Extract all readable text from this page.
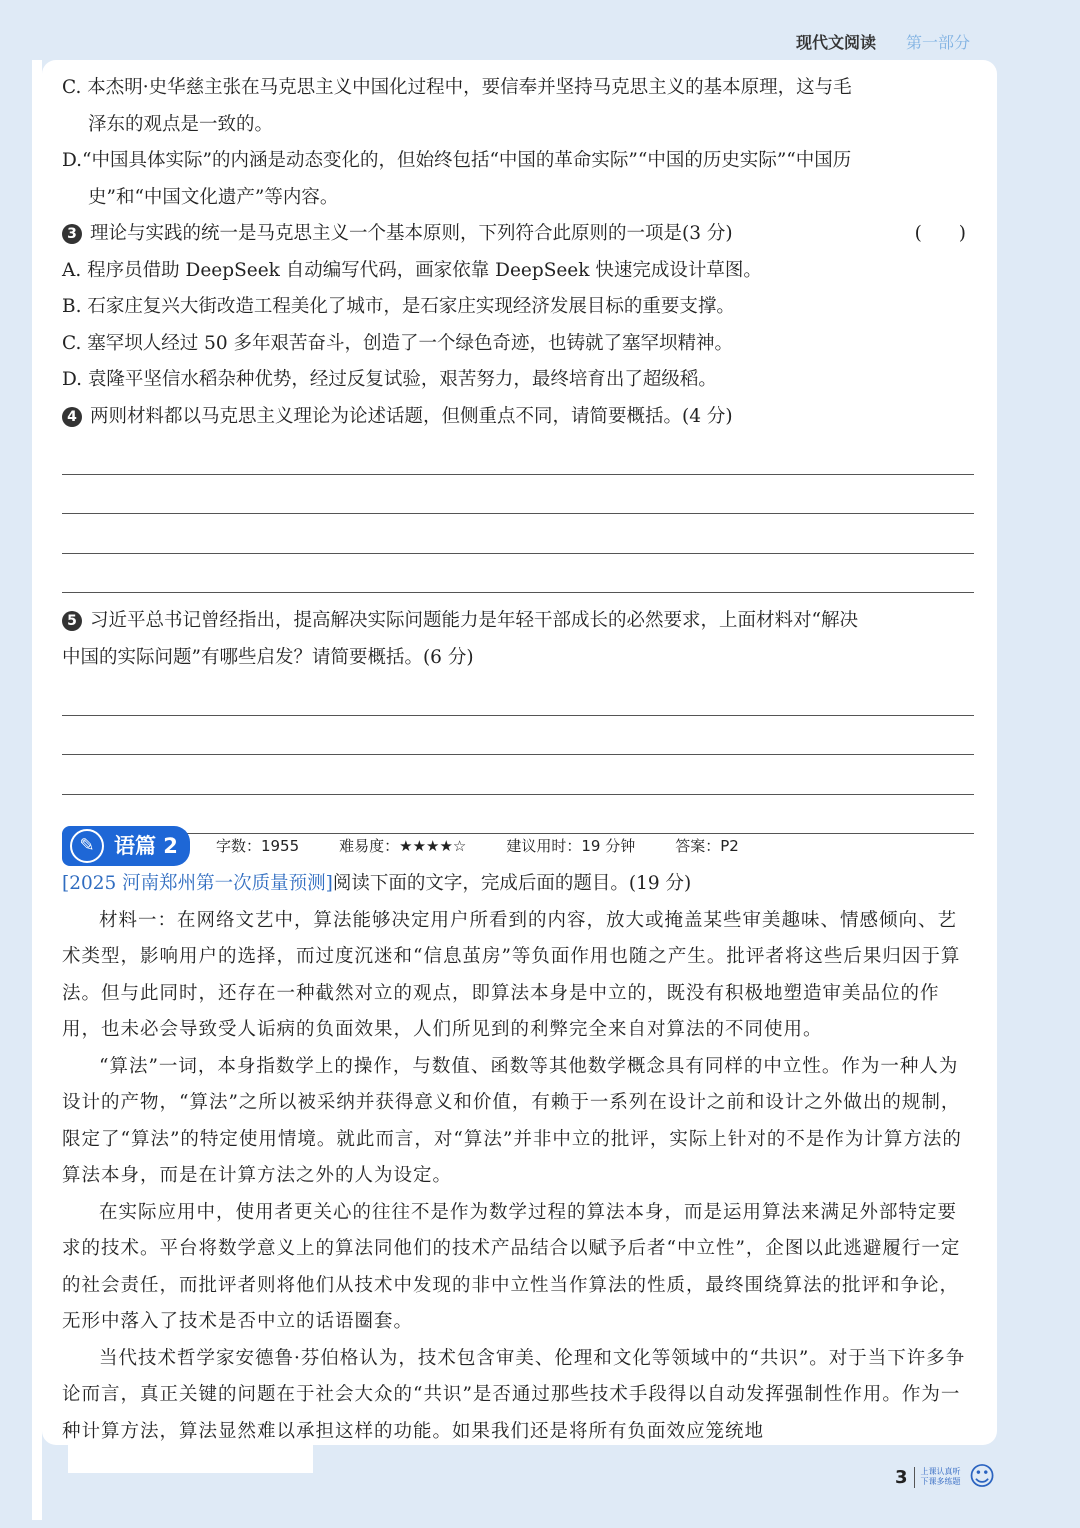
现代文阅读 第一部分

C. 本杰明·史华慈主张在马克思主义中国化过程中，要信奉并坚持马克思主义的基本原理，这与毛

泽东的观点是一致的。

D.“中国具体实际”的内涵是动态变化的，但始终包括“中国的革命实际”“中国的历史实际”“中国历

史”和“中国文化遗产”等内容。

3 理论与实践的统一是马克思主义一个基本原则，下列符合此原则的一项是(3 分)	(　　)

A. 程序员借助 DeepSeek 自动编写代码，画家依靠 DeepSeek 快速完成设计草图。

B. 石家庄复兴大街改造工程美化了城市，是石家庄实现经济发展目标的重要支撑。

C. 塞罕坝人经过 50 多年艰苦奋斗，创造了一个绿色奇迹，也铸就了塞罕坝精神。

D. 袁隆平坚信水稻杂种优势，经过反复试验，艰苦努力，最终培育出了超级稻。

4 两则材料都以马克思主义理论为论述话题，但侧重点不同，请简要概括。(4 分)

5 习近平总书记曾经指出，提高解决实际问题能力是年轻干部成长的必然要求，上面材料对“解决

中国的实际问题”有哪些启发？请简要概括。(6 分)

✎ 语篇 2	字数：1955	难易度：★★★★☆	建议用时：19 分钟	答案：P2

[2025 河南郑州第一次质量预测]阅读下面的文字，完成后面的题目。(19 分)

材料一：在网络文艺中，算法能够决定用户所看到的内容，放大或掩盖某些审美趣味、情感倾向、艺术类型，影响用户的选择，而过度沉迷和“信息茧房”等负面作用也随之产生。批评者将这些后果归因于算法。但与此同时，还存在一种截然对立的观点，即算法本身是中立的，既没有积极地塑造审美品位的作用，也未必会导致受人诟病的负面效果，人们所见到的利弊完全来自对算法的不同使用。

“算法”一词，本身指数学上的操作，与数值、函数等其他数学概念具有同样的中立性。作为一种人为设计的产物，“算法”之所以被采纳并获得意义和价值，有赖于一系列在设计之前和设计之外做出的规制，限定了“算法”的特定使用情境。就此而言，对“算法”并非中立的批评，实际上针对的不是作为计算方法的算法本身，而是在计算方法之外的人为设定。

在实际应用中，使用者更关心的往往不是作为数学过程的算法本身，而是运用算法来满足外部特定要求的技术。平台将数学意义上的算法同他们的技术产品结合以赋予后者“中立性”，企图以此逃避履行一定的社会责任，而批评者则将他们从技术中发现的非中立性当作算法的性质，最终围绕算法的批评和争论，无形中落入了技术是否中立的话语圈套。

当代技术哲学家安德鲁·芬伯格认为，技术包含审美、伦理和文化等领域中的“共识”。对于当下许多争论而言，真正关键的问题在于社会大众的“共识”是否通过那些技术手段得以自动发挥强制性作用。作为一种计算方法，算法显然难以承担这样的功能。如果我们还是将所有负面效应笼统地

3	上课认真听
下课多练题 ☺
